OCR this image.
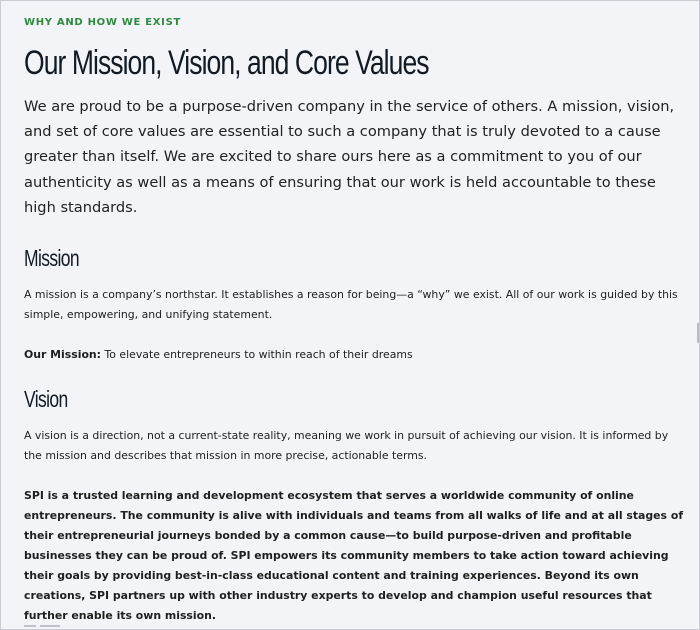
WHY AND HOW WE EXIST

Our Mission, Vision, and Core Values

We are proud to be a purpose-driven company in the service of others. A mission, vision, and set of core values are essential to such a company that is truly devoted to a cause greater than itself. We are excited to share ours here as a commitment to you of our authenticity as well as a means of ensuring that our work is held accountable to these high standards.

Mission

A mission is a company’s northstar. It establishes a reason for being—a “why” we exist. All of our work is guided by this simple, empowering, and unifying statement.

Our Mission: To elevate entrepreneurs to within reach of their dreams

Vision

A vision is a direction, not a current-state reality, meaning we work in pursuit of achieving our vision. It is informed by the mission and describes that mission in more precise, actionable terms.

SPI is a trusted learning and development ecosystem that serves a worldwide community of online entrepreneurs. The community is alive with individuals and teams from all walks of life and at all stages of their entrepreneurial journeys bonded by a common cause—to build purpose-driven and profitable businesses they can be proud of. SPI empowers its community members to take action toward achieving their goals by providing best-in-class educational content and training experiences. Beyond its own creations, SPI partners up with other industry experts to develop and champion useful resources that further enable its own mission.
